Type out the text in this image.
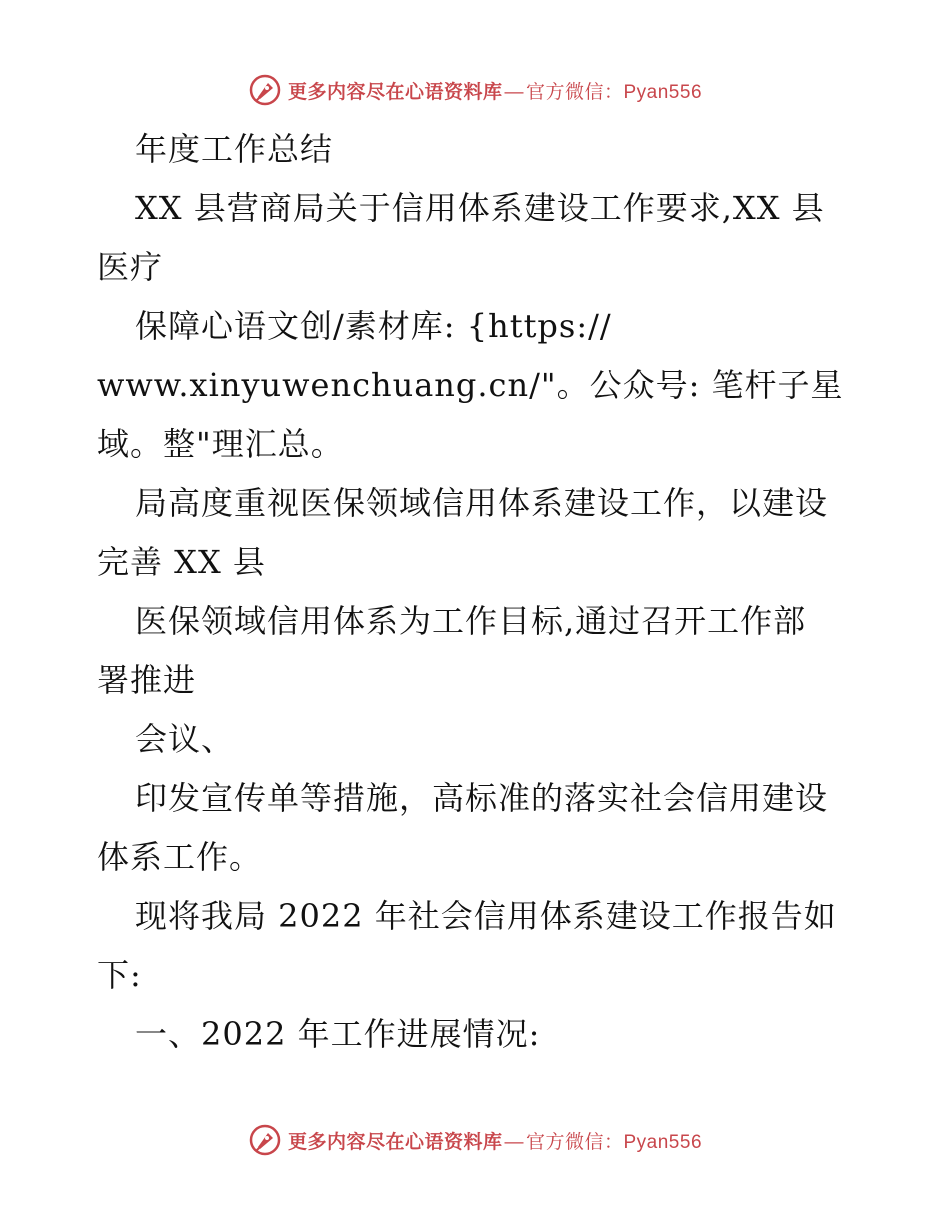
更多内容尽在心语资料库 — 官方微信：Pyan556
年度工作总结
XX 县营商局关于信用体系建设工作要求,XX 县
医疗
保障心语文创/素材库: {https://
www.xinyuwenchuang.cn/"。公众号: 笔杆子星
域。整"理汇总。
局高度重视医保领域信用体系建设工作，以建设
完善 XX 县
医保领域信用体系为工作目标,通过召开工作部
署推进
会议、
印发宣传单等措施，高标准的落实社会信用建设
体系工作。
现将我局 2022 年社会信用体系建设工作报告如
下:
一、2022 年工作进展情况:
更多内容尽在心语资料库 — 官方微信：Pyan556
